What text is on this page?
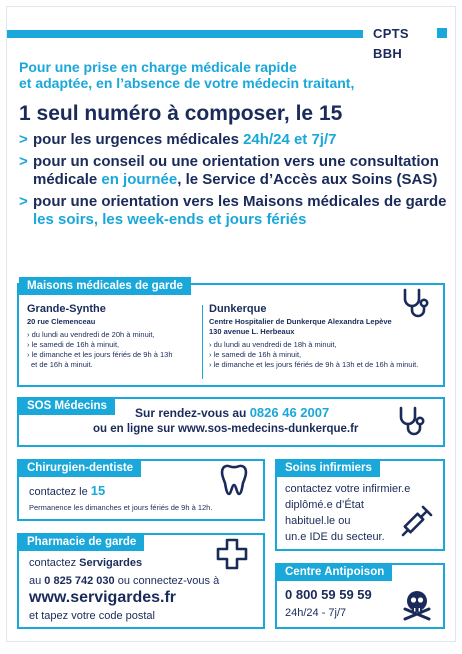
CPTS
BBH
Pour une prise en charge médicale rapide
et adaptée, en l’absence de votre médecin traitant,
1 seul numéro à composer, le 15
> pour les urgences médicales 24h/24 et 7j/7
> pour un conseil ou une orientation vers une consultation médicale en journée, le Service d’Accès aux Soins (SAS)
> pour une orientation vers les Maisons médicales de garde les soirs, les week-ends et jours fériés
Maisons médicales de garde
Grande-Synthe
20 rue Clemenceau
› du lundi au vendredi de 20h à minuit,
› le samedi de 16h à minuit,
› le dimanche et les jours fériés de 9h à 13h
et de 16h à minuit.
Dunkerque
Centre Hospitalier de Dunkerque Alexandra Lepève
130 avenue L. Herbeaux
› du lundi au vendredi de 18h à minuit,
› le samedi de 16h à minuit,
› le dimanche et les jours fériés de 9h à 13h et de 16h à minuit.
SOS Médecins	Sur rendez-vous au 0826 46 2007
ou en ligne sur www.sos-medecins-dunkerque.fr
Chirurgien-dentiste
contactez le 15
Permanence les dimanches et jours fériés de 9h à 12h.
Soins infirmiers
contactez votre infirmier.e
diplômé.e d’État
habituel.le ou
un.e IDE du secteur.
Pharmacie de garde
contactez Servigardes
au 0 825 742 030 ou connectez-vous à
www.servigardes.fr
et tapez votre code postal
Centre Antipoison
0 800 59 59 59
24h/24 - 7j/7
